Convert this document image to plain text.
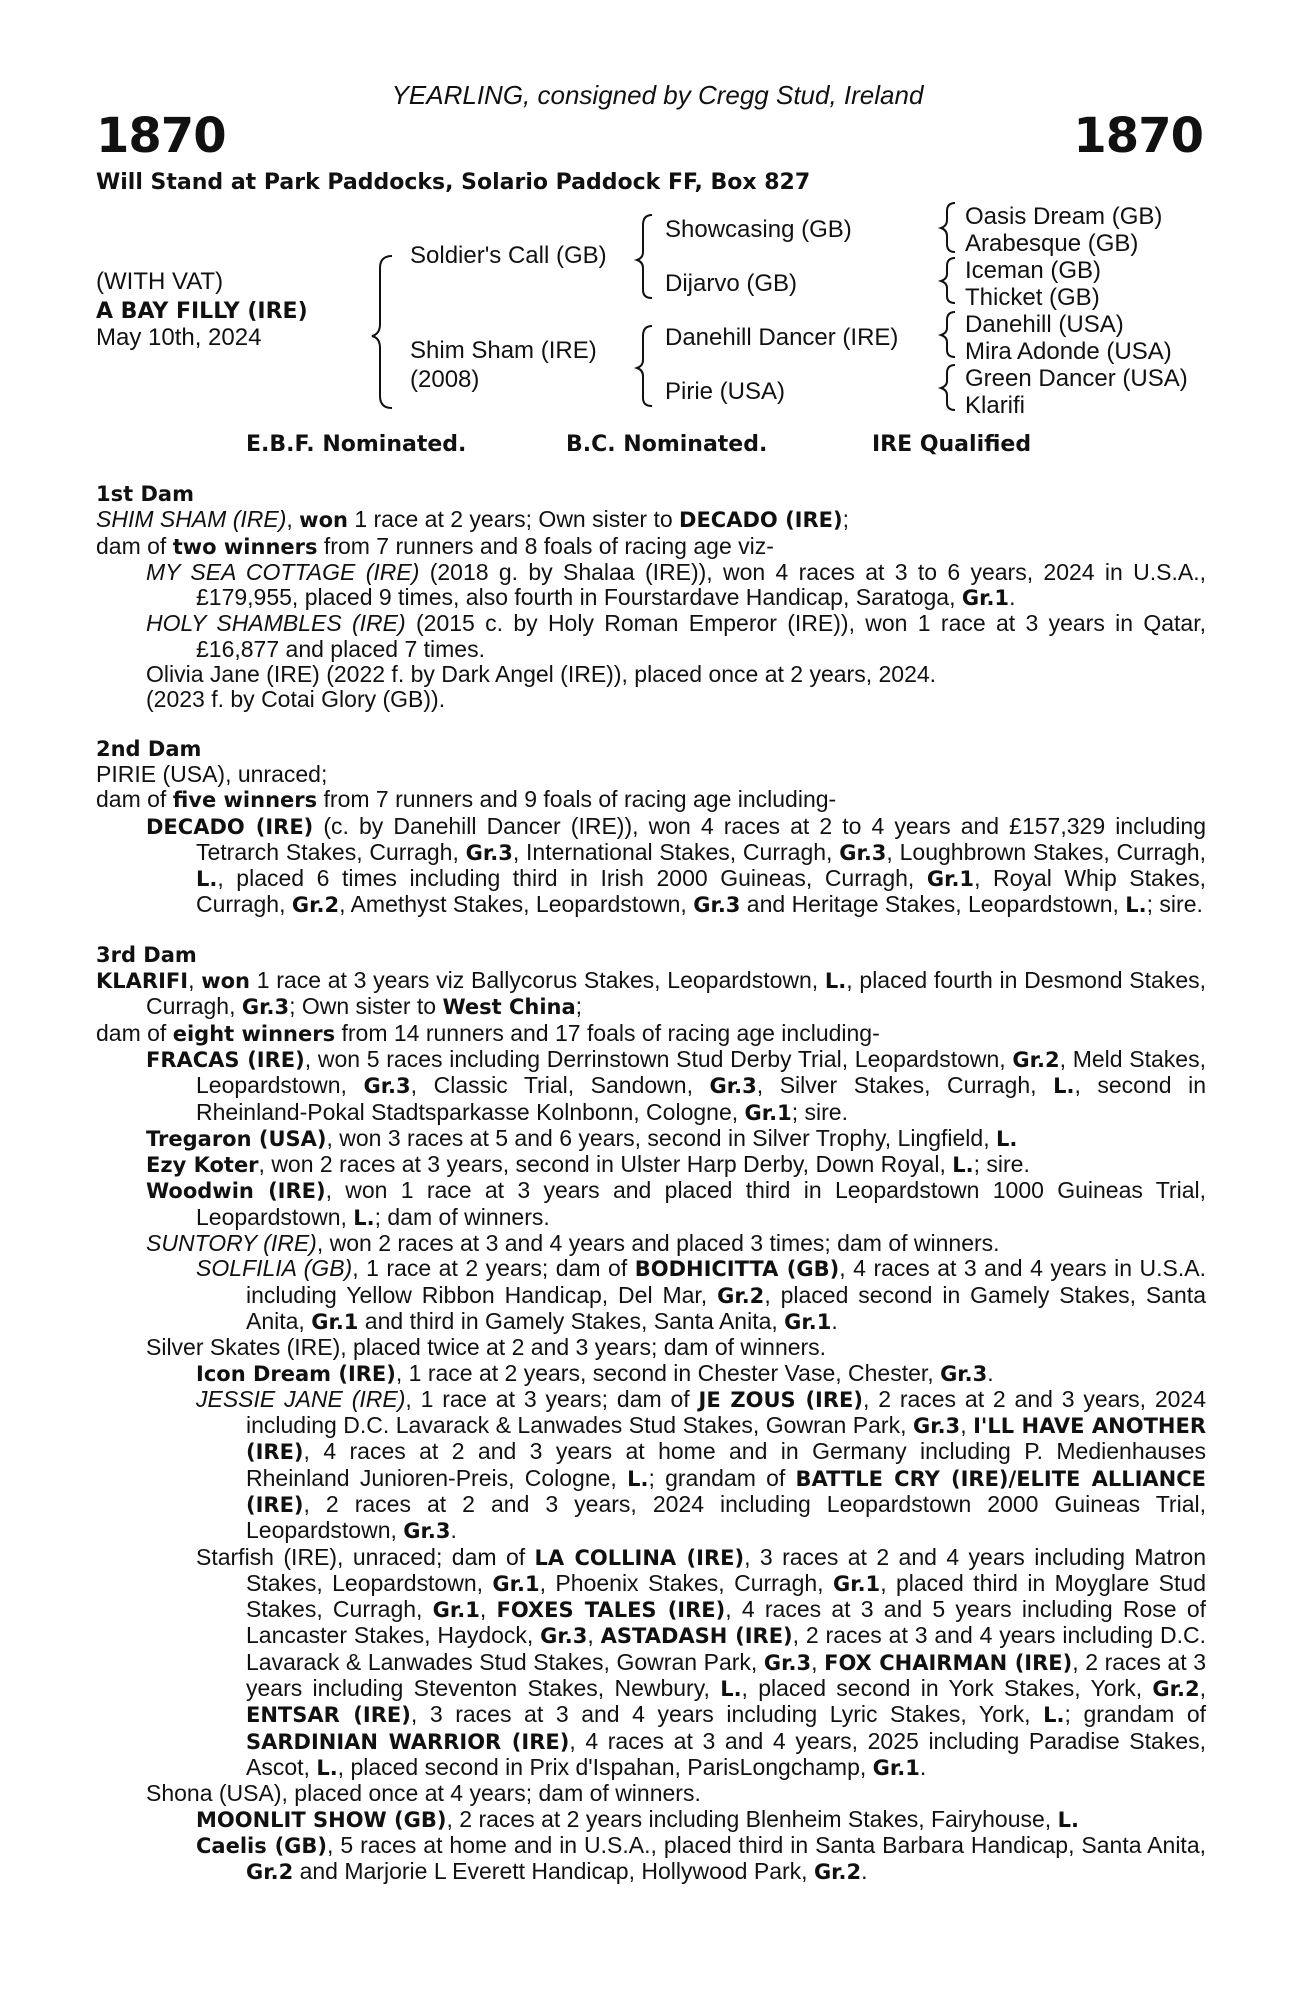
YEARLING, consigned by Cregg Stud, Ireland
1870	1870
Will Stand at Park Paddocks, Solario Paddock FF, Box 827
(WITH VAT)
A BAY FILLY (IRE)
May 10th, 2024
Soldier's Call (GB)
Shim Sham (IRE)
(2008)
Showcasing (GB)
Dijarvo (GB)
Danehill Dancer (IRE)
Pirie (USA)
Oasis Dream (GB)
Arabesque (GB)
Iceman (GB)
Thicket (GB)
Danehill (USA)
Mira Adonde (USA)
Green Dancer (USA)
Klarifi
E.B.F. Nominated.	B.C. Nominated.	IRE Qualified
1st Dam
SHIM SHAM (IRE), won 1 race at 2 years; Own sister to DECADO (IRE);
dam of two winners from 7 runners and 8 foals of racing age viz-
MY SEA COTTAGE (IRE) (2018 g. by Shalaa (IRE)), won 4 races at 3 to 6 years, 2024 in U.S.A., £179,955, placed 9 times, also fourth in Fourstardave Handicap, Saratoga, Gr.1.
HOLY SHAMBLES (IRE) (2015 c. by Holy Roman Emperor (IRE)), won 1 race at 3 years in Qatar, £16,877 and placed 7 times.
Olivia Jane (IRE) (2022 f. by Dark Angel (IRE)), placed once at 2 years, 2024.
(2023 f. by Cotai Glory (GB)).
2nd Dam
PIRIE (USA), unraced;
dam of five winners from 7 runners and 9 foals of racing age including-
DECADO (IRE) (c. by Danehill Dancer (IRE)), won 4 races at 2 to 4 years and £157,329 including Tetrarch Stakes, Curragh, Gr.3, International Stakes, Curragh, Gr.3, Loughbrown Stakes, Curragh, L., placed 6 times including third in Irish 2000 Guineas, Curragh, Gr.1, Royal Whip Stakes, Curragh, Gr.2, Amethyst Stakes, Leopardstown, Gr.3 and Heritage Stakes, Leopardstown, L.; sire.
3rd Dam
KLARIFI, won 1 race at 3 years viz Ballycorus Stakes, Leopardstown, L., placed fourth in Desmond Stakes, Curragh, Gr.3; Own sister to West China;
dam of eight winners from 14 runners and 17 foals of racing age including-
FRACAS (IRE), won 5 races including Derrinstown Stud Derby Trial, Leopardstown, Gr.2, Meld Stakes, Leopardstown, Gr.3, Classic Trial, Sandown, Gr.3, Silver Stakes, Curragh, L., second in Rheinland-Pokal Stadtsparkasse Kolnbonn, Cologne, Gr.1; sire.
Tregaron (USA), won 3 races at 5 and 6 years, second in Silver Trophy, Lingfield, L.
Ezy Koter, won 2 races at 3 years, second in Ulster Harp Derby, Down Royal, L.; sire.
Woodwin (IRE), won 1 race at 3 years and placed third in Leopardstown 1000 Guineas Trial, Leopardstown, L.; dam of winners.
SUNTORY (IRE), won 2 races at 3 and 4 years and placed 3 times; dam of winners.
SOLFILIA (GB), 1 race at 2 years; dam of BODHICITTA (GB), 4 races at 3 and 4 years in U.S.A. including Yellow Ribbon Handicap, Del Mar, Gr.2, placed second in Gamely Stakes, Santa Anita, Gr.1 and third in Gamely Stakes, Santa Anita, Gr.1.
Silver Skates (IRE), placed twice at 2 and 3 years; dam of winners.
Icon Dream (IRE), 1 race at 2 years, second in Chester Vase, Chester, Gr.3.
JESSIE JANE (IRE), 1 race at 3 years; dam of JE ZOUS (IRE), 2 races at 2 and 3 years, 2024 including D.C. Lavarack & Lanwades Stud Stakes, Gowran Park, Gr.3, I'LL HAVE ANOTHER (IRE), 4 races at 2 and 3 years at home and in Germany including P. Medienhauses Rheinland Junioren-Preis, Cologne, L.; grandam of BATTLE CRY (IRE)/ELITE ALLIANCE (IRE), 2 races at 2 and 3 years, 2024 including Leopardstown 2000 Guineas Trial, Leopardstown, Gr.3.
Starfish (IRE), unraced; dam of LA COLLINA (IRE), 3 races at 2 and 4 years including Matron Stakes, Leopardstown, Gr.1, Phoenix Stakes, Curragh, Gr.1, placed third in Moyglare Stud Stakes, Curragh, Gr.1, FOXES TALES (IRE), 4 races at 3 and 5 years including Rose of Lancaster Stakes, Haydock, Gr.3, ASTADASH (IRE), 2 races at 3 and 4 years including D.C. Lavarack & Lanwades Stud Stakes, Gowran Park, Gr.3, FOX CHAIRMAN (IRE), 2 races at 3 years including Steventon Stakes, Newbury, L., placed second in York Stakes, York, Gr.2, ENTSAR (IRE), 3 races at 3 and 4 years including Lyric Stakes, York, L.; grandam of SARDINIAN WARRIOR (IRE), 4 races at 3 and 4 years, 2025 including Paradise Stakes, Ascot, L., placed second in Prix d'Ispahan, ParisLongchamp, Gr.1.
Shona (USA), placed once at 4 years; dam of winners.
MOONLIT SHOW (GB), 2 races at 2 years including Blenheim Stakes, Fairyhouse, L.
Caelis (GB), 5 races at home and in U.S.A., placed third in Santa Barbara Handicap, Santa Anita, Gr.2 and Marjorie L Everett Handicap, Hollywood Park, Gr.2.
